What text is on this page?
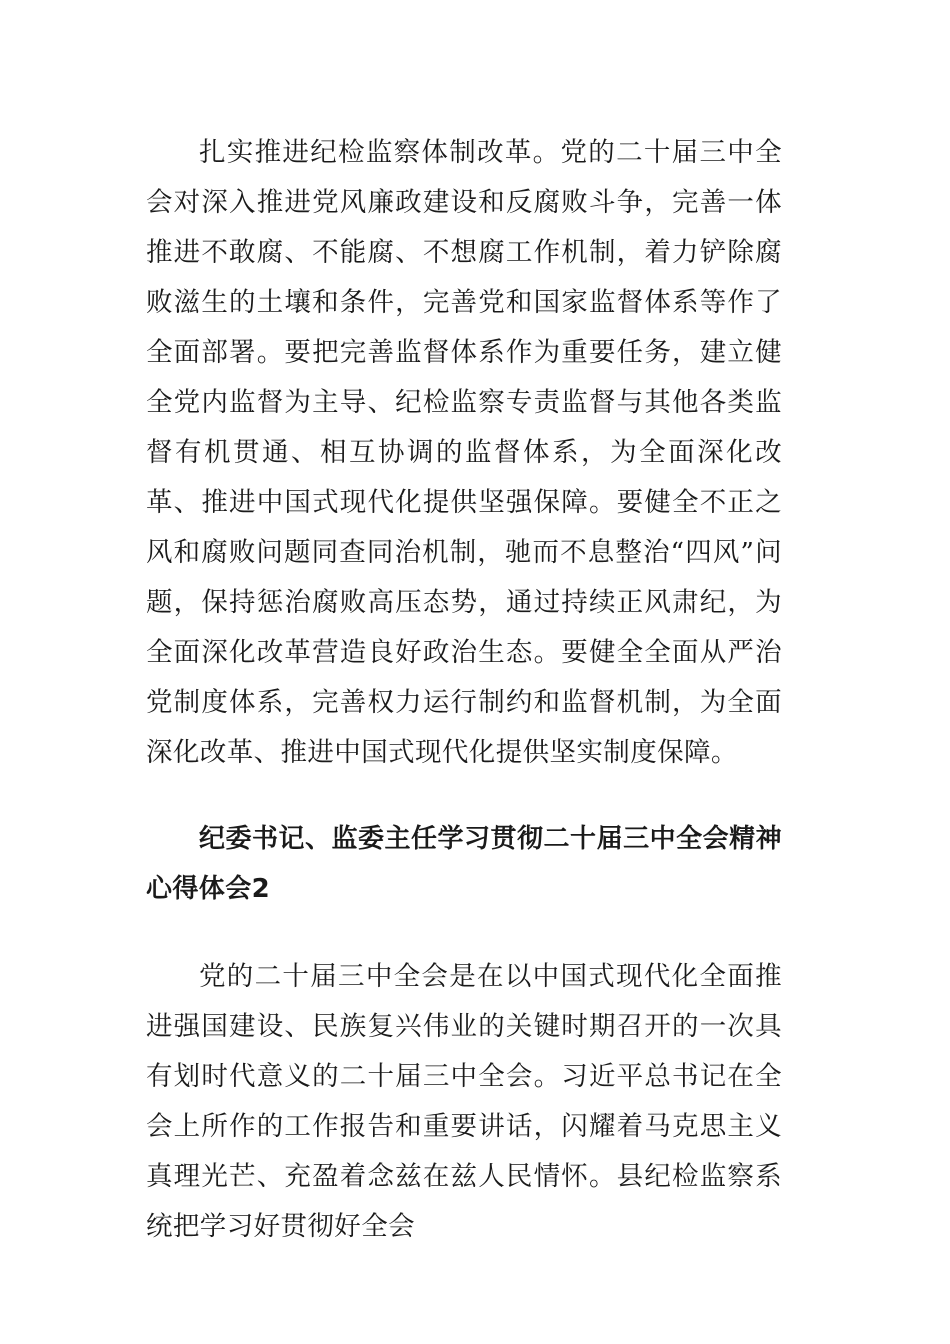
扎实推进纪检监察体制改革。党的二十届三中全会对深入推进党风廉政建设和反腐败斗争，完善一体推进不敢腐、不能腐、不想腐工作机制，着力铲除腐败滋生的土壤和条件，完善党和国家监督体系等作了全面部署。要把完善监督体系作为重要任务，建立健全党内监督为主导、纪检监察专责监督与其他各类监督有机贯通、相互协调的监督体系，为全面深化改革、推进中国式现代化提供坚强保障。要健全不正之风和腐败问题同查同治机制，驰而不息整治“四风”问题，保持惩治腐败高压态势，通过持续正风肃纪，为全面深化改革营造良好政治生态。要健全全面从严治党制度体系，完善权力运行制约和监督机制，为全面深化改革、推进中国式现代化提供坚实制度保障。

纪委书记、监委主任学习贯彻二十届三中全会精神心得体会2

党的二十届三中全会是在以中国式现代化全面推进强国建设、民族复兴伟业的关键时期召开的一次具有划时代意义的二十届三中全会。习近平总书记在全会上所作的工作报告和重要讲话，闪耀着马克思主义真理光芒、充盈着念兹在兹人民情怀。县纪检监察系统把学习好贯彻好全会
